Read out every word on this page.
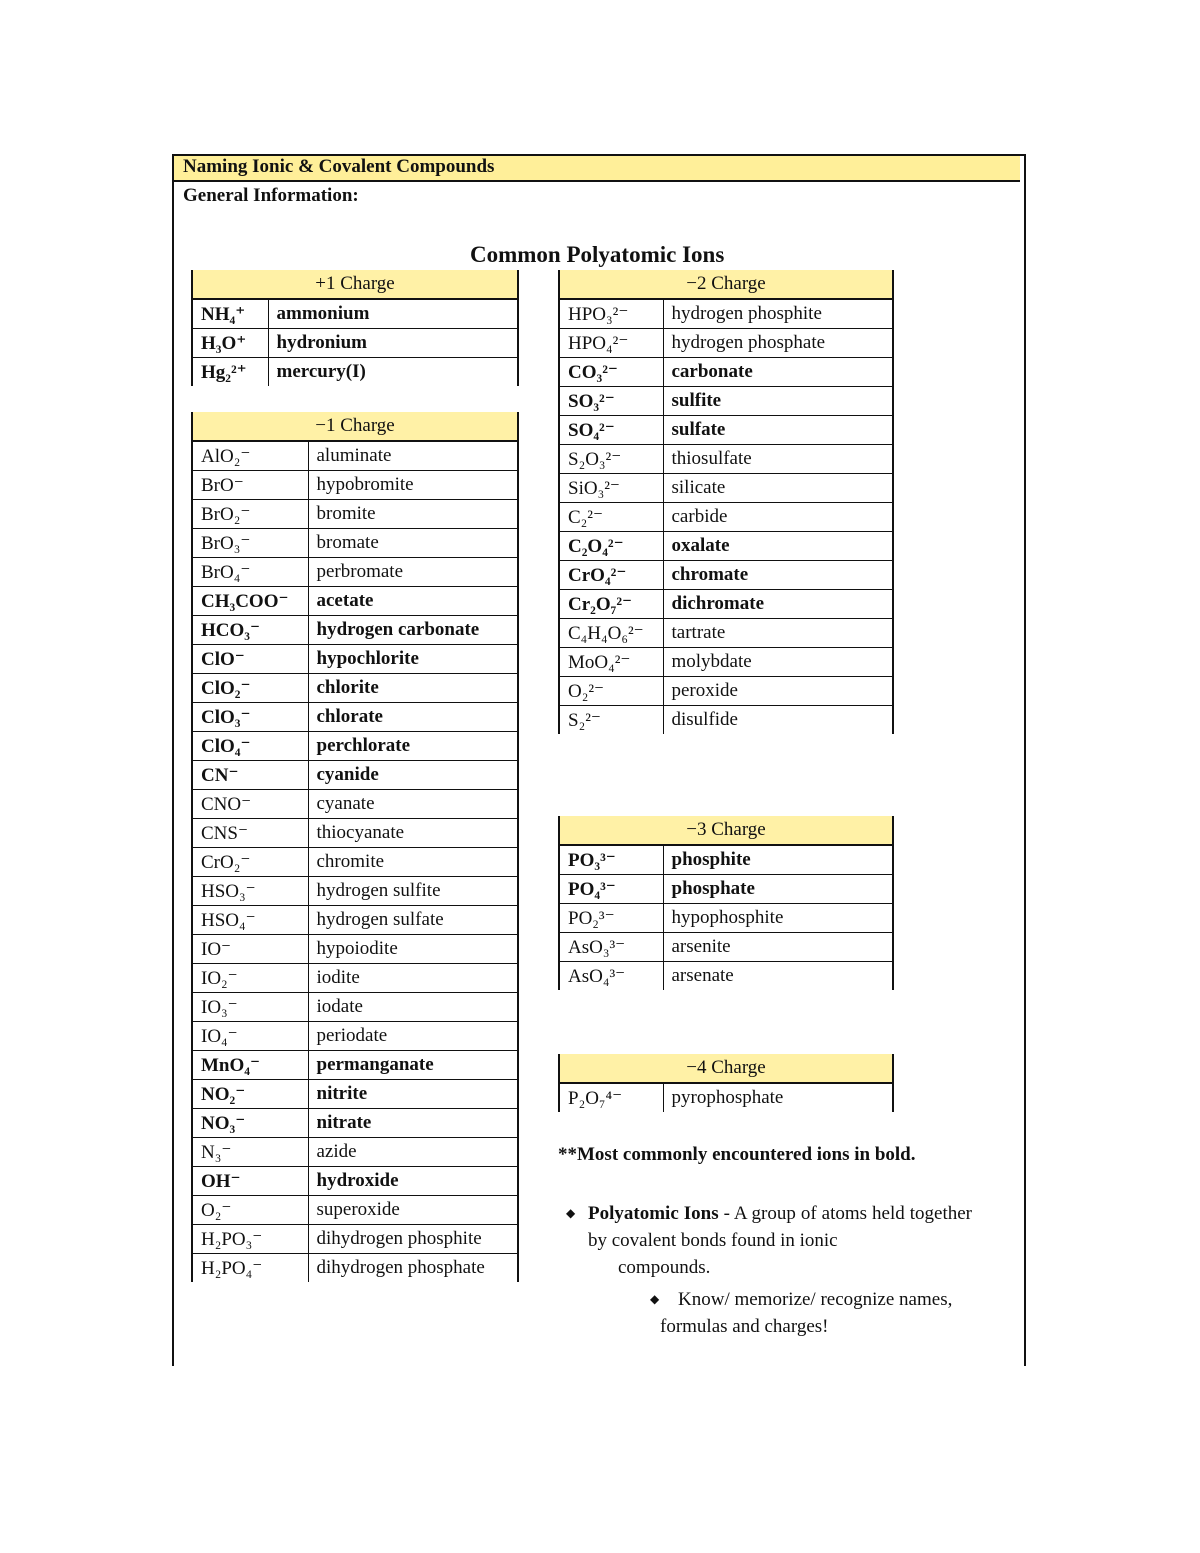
Naming Ionic & Covalent Compounds
General Information:
Common Polyatomic Ions
+1 Charge	
NH₄⁺	ammonium
H₃O⁺	hydronium
Hg₂²⁺	mercury(I)
−1 Charge	
AlO₂⁻	aluminate
BrO⁻	hypobromite
BrO₂⁻	bromite
BrO₃⁻	bromate
BrO₄⁻	perbromate
CH₃COO⁻	acetate
HCO₃⁻	hydrogen carbonate
ClO⁻	hypochlorite
ClO₂⁻	chlorite
ClO₃⁻	chlorate
ClO₄⁻	perchlorate
CN⁻	cyanide
CNO⁻	cyanate
CNS⁻	thiocyanate
CrO₂⁻	chromite
HSO₃⁻	hydrogen sulfite
HSO₄⁻	hydrogen sulfate
IO⁻	hypoiodite
IO₂⁻	iodite
IO₃⁻	iodate
IO₄⁻	periodate
MnO₄⁻	permanganate
NO₂⁻	nitrite
NO₃⁻	nitrate
N₃⁻	azide
OH⁻	hydroxide
O₂⁻	superoxide
H₂PO₃⁻	dihydrogen phosphite
H₂PO₄⁻	dihydrogen phosphate
−2 Charge	
HPO₃²⁻	hydrogen phosphite
HPO₄²⁻	hydrogen phosphate
CO₃²⁻	carbonate
SO₃²⁻	sulfite
SO₄²⁻	sulfate
S₂O₃²⁻	thiosulfate
SiO₃²⁻	silicate
C₂²⁻	carbide
C₂O₄²⁻	oxalate
CrO₄²⁻	chromate
Cr₂O₇²⁻	dichromate
C₄H₄O₆²⁻	tartrate
MoO₄²⁻	molybdate
O₂²⁻	peroxide
S₂²⁻	disulfide
−3 Charge	
PO₃³⁻	phosphite
PO₄³⁻	phosphate
PO₂³⁻	hypophosphite
AsO₃³⁻	arsenite
AsO₄³⁻	arsenate
−4 Charge
P₂O₇⁴⁻	pyrophosphate
**Most commonly encountered ions in bold.
◆ Polyatomic Ions - A group of atoms held together by covalent bonds found in ionic
compounds.
◆ Know/ memorize/ recognize names,
formulas and charges!
